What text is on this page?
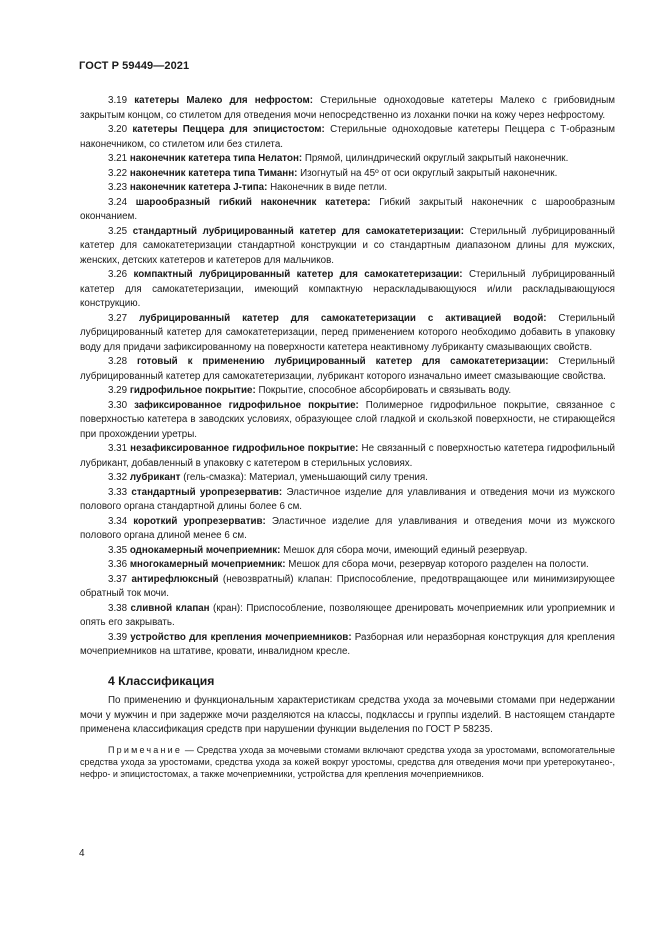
ГОСТ Р 59449—2021

3.19 катетеры Малеко для нефростом: Стерильные одноходовые катетеры Малеко с грибовидным закрытым концом, со стилетом для отведения мочи непосредственно из лоханки почки на кожу через нефростому.

3.20 катетеры Пеццера для эпицистостом: Стерильные одноходовые катетеры Пеццера с Т-образным наконечником, со стилетом или без стилета.

3.21 наконечник катетера типа Нелатон: Прямой, цилиндрический округлый закрытый наконечник.

3.22 наконечник катетера типа Тиманн: Изогнутый на 45º от оси округлый закрытый наконечник.

3.23 наконечник катетера J-типа: Наконечник в виде петли.

3.24 шарообразный гибкий наконечник катетера: Гибкий закрытый наконечник с шарообразным окончанием.

3.25 стандартный лубрицированный катетер для самокатетеризации: Стерильный лубрицированный катетер для самокатетеризации стандартной конструкции и со стандартным диапазоном длины для мужских, женских, детских катетеров и катетеров для мальчиков.

3.26 компактный лубрицированный катетер для самокатетеризации: Стерильный лубрицированный катетер для самокатетеризации, имеющий компактную нераскладывающуюся и/или раскладывающуюся конструкцию.

3.27 лубрицированный катетер для самокатетеризации с активацией водой: Стерильный лубрицированный катетер для самокатетеризации, перед применением которого необходимо добавить в упаковку воду для придачи зафиксированному на поверхности катетера неактивному лубриканту смазывающих свойств.

3.28 готовый к применению лубрицированный катетер для самокатетеризации: Стерильный лубрицированный катетер для самокатетеризации, лубрикант которого изначально имеет смазывающие свойства.

3.29 гидрофильное покрытие: Покрытие, способное абсорбировать и связывать воду.

3.30 зафиксированное гидрофильное покрытие: Полимерное гидрофильное покрытие, связанное с поверхностью катетера в заводских условиях, образующее слой гладкой и скользкой поверхности, не стирающейся при прохождении уретры.

3.31 незафиксированное гидрофильное покрытие: Не связанный с поверхностью катетера гидрофильный лубрикант, добавленный в упаковку с катетером в стерильных условиях.

3.32 лубрикант (гель-смазка): Материал, уменьшающий силу трения.

3.33 стандартный уропрезерватив: Эластичное изделие для улавливания и отведения мочи из мужского полового органа стандартной длины более 6 см.

3.34 короткий уропрезерватив: Эластичное изделие для улавливания и отведения мочи из мужского полового органа длиной менее 6 см.

3.35 однокамерный мочеприемник: Мешок для сбора мочи, имеющий единый резервуар.

3.36 многокамерный мочеприемник: Мешок для сбора мочи, резервуар которого разделен на полости.

3.37 антирефлюксный (невозвратный) клапан: Приспособление, предотвращающее или минимизирующее обратный ток мочи.

3.38 сливной клапан (кран): Приспособление, позволяющее дренировать мочеприемник или уроприемник и опять его закрывать.

3.39 устройство для крепления мочеприемников: Разборная или неразборная конструкция для крепления мочеприемников на штативе, кровати, инвалидном кресле.

4 Классификация

По применению и функциональным характеристикам средства ухода за мочевыми стомами при недержании мочи у мужчин и при задержке мочи разделяются на классы, подклассы и группы изделий. В настоящем стандарте применена классификация средств при нарушении функции выделения по ГОСТ Р 58235.

Примечание — Средства ухода за мочевыми стомами включают средства ухода за уростомами, вспомогательные средства ухода за уростомами, средства ухода за кожей вокруг уростомы, средства для отведения мочи при уретерокутанео-, нефро- и эпицистостомах, а также мочеприемники, устройства для крепления мочеприемников.

4
